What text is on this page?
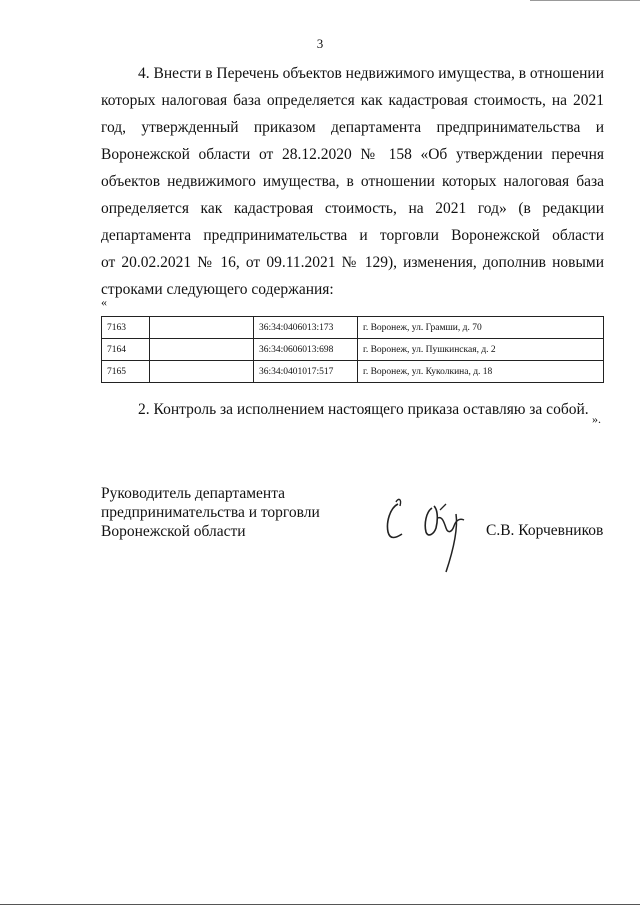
3
4. Внести в Перечень объектов недвижимого имущества, в отношении
которых налоговая база определяется как кадастровая стоимость, на 2021
год, утвержденный приказом департамента предпринимательства и
Воронежской области от 28.12.2020 № 158 «Об утверждении перечня
объектов недвижимого имущества, в отношении которых налоговая база
определяется как кадастровая стоимость, на 2021 год» (в редакции
департамента предпринимательства и торговли Воронежской области
от 20.02.2021 № 16, от 09.11.2021 № 129), изменения, дополнив новыми
строками следующего содержания:
«
7163		36:34:0406013:173	г. Воронеж, ул. Грамши, д. 70
7164		36:34:0606013:698	г. Воронеж, ул. Пушкинская, д. 2
7165		36:34:0401017:517	г. Воронеж, ул. Куколкина, д. 18
».
2. Контроль за исполнением настоящего приказа оставляю за собой.
Руководитель департамента
предпринимательства и торговли
Воронежской области	С.В. Корчевников
